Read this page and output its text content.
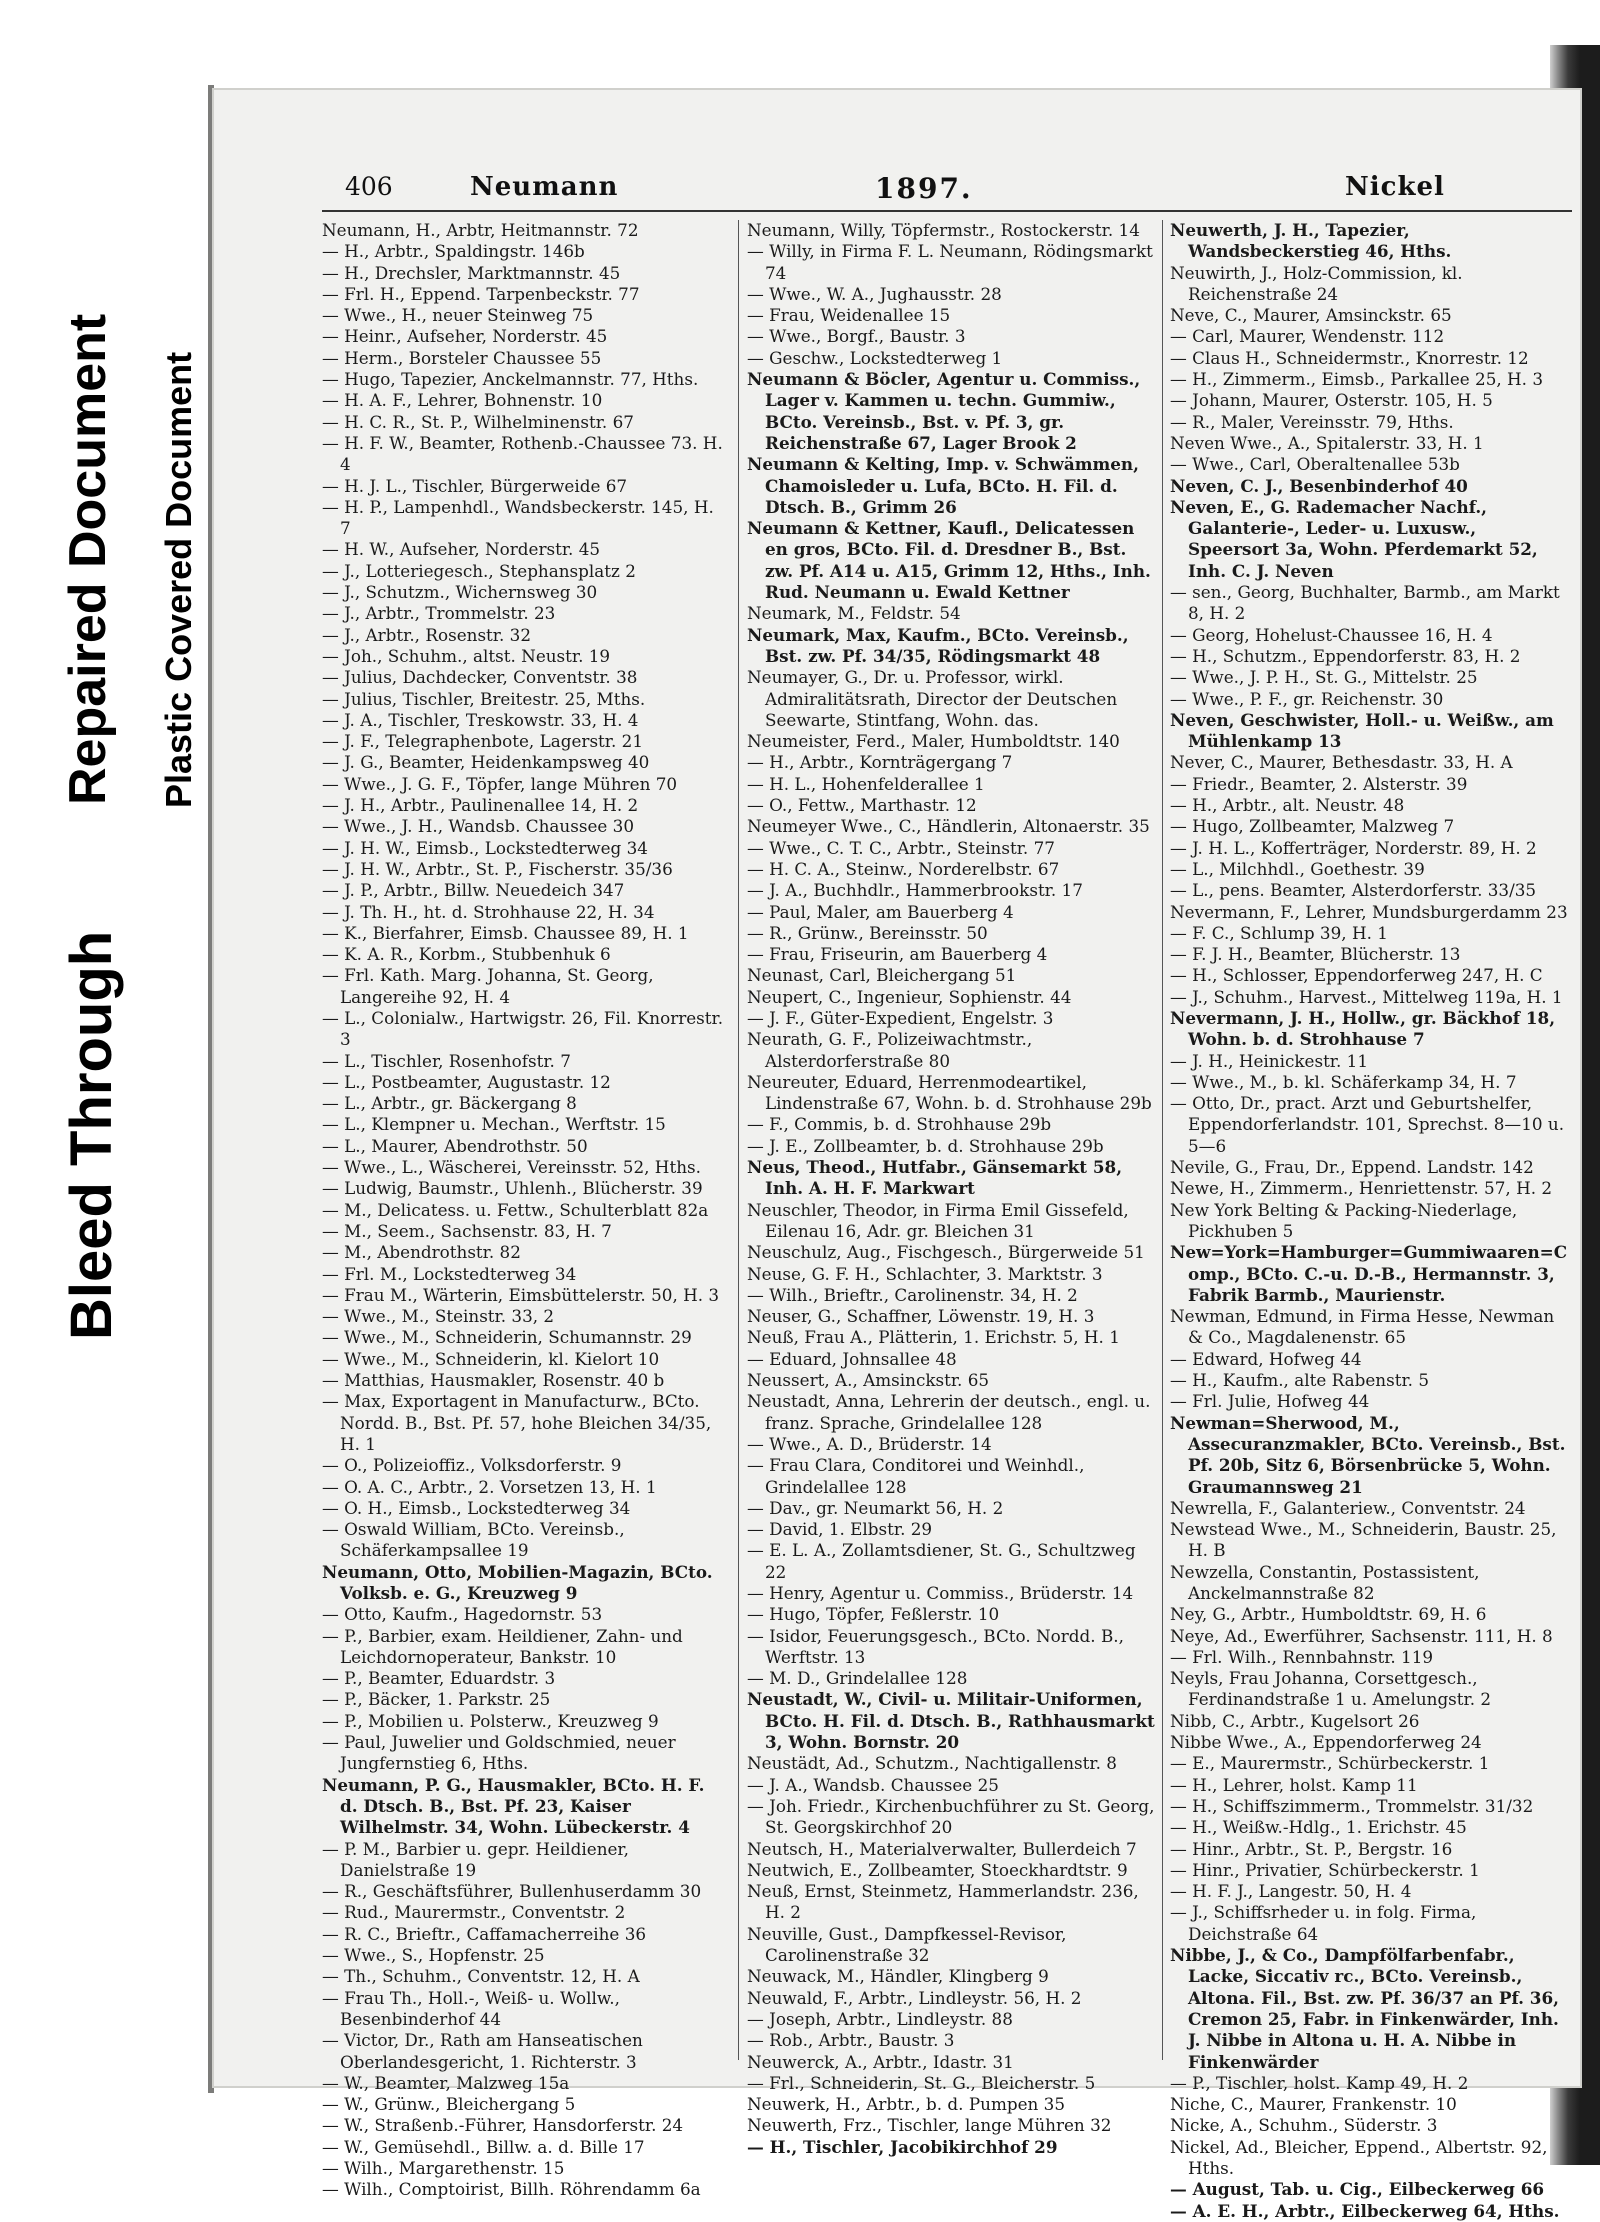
Bleed Through
Repaired Document Plastic Covered Document
406	Neumann	1897.	Nickel
Neumann, H., Arbtr, Heitmannstr. 72
— H., Arbtr., Spaldingstr. 146b
— H., Drechsler, Marktmannstr. 45
— Frl. H., Eppend. Tarpenbeckstr. 77
— Wwe., H., neuer Steinweg 75
— Heinr., Aufseher, Norderstr. 45
— Herm., Borsteler Chaussee 55
— Hugo, Tapezier, Anckelmannstr. 77, Hths.
— H. A. F., Lehrer, Bohnenstr. 10
— H. C. R., St. P., Wilhelminenstr. 67
— H. F. W., Beamter, Rothenb.-Chaussee 73. H. 4
— H. J. L., Tischler, Bürgerweide 67
— H. P., Lampenhdl., Wandsbeckerstr. 145, H. 7
— H. W., Aufseher, Norderstr. 45
— J., Lotteriegesch., Stephansplatz 2
— J., Schutzm., Wichernsweg 30
— J., Arbtr., Trommelstr. 23
— J., Arbtr., Rosenstr. 32
— Joh., Schuhm., altst. Neustr. 19
— Julius, Dachdecker, Conventstr. 38
— Julius, Tischler, Breitestr. 25, Mths.
— J. A., Tischler, Treskowstr. 33, H. 4
— J. F., Telegraphenbote, Lagerstr. 21
— J. G., Beamter, Heidenkampsweg 40
— Wwe., J. G. F., Töpfer, lange Mühren 70
— J. H., Arbtr., Paulinenallee 14, H. 2
— Wwe., J. H., Wandsb. Chaussee 30
— J. H. W., Eimsb., Lockstedterweg 34
— J. H. W., Arbtr., St. P., Fischerstr. 35/36
— J. P., Arbtr., Billw. Neuedeich 347
— J. Th. H., ht. d. Strohhause 22, H. 34
— K., Bierfahrer, Eimsb. Chaussee 89, H. 1
— K. A. R., Korbm., Stubbenhuk 6
— Frl. Kath. Marg. Johanna, St. Georg, Langereihe 92, H. 4
— L., Colonialw., Hartwigstr. 26, Fil. Knorrestr. 3
— L., Tischler, Rosenhofstr. 7
— L., Postbeamter, Augustastr. 12
— L., Arbtr., gr. Bäckergang 8
— L., Klempner u. Mechan., Werftstr. 15
— L., Maurer, Abendrothstr. 50
— Wwe., L., Wäscherei, Vereinsstr. 52, Hths.
— Ludwig, Baumstr., Uhlenh., Blücherstr. 39
— M., Delicatess. u. Fettw., Schulterblatt 82a
— M., Seem., Sachsenstr. 83, H. 7
— M., Abendrothstr. 82
— Frl. M., Lockstedterweg 34
— Frau M., Wärterin, Eimsbüttelerstr. 50, H. 3
— Wwe., M., Steinstr. 33, 2
— Wwe., M., Schneiderin, Schumannstr. 29
— Wwe., M., Schneiderin, kl. Kielort 10
— Matthias, Hausmakler, Rosenstr. 40 b
— Max, Exportagent in Manufacturw., BCto. Nordd. B., Bst. Pf. 57, hohe Bleichen 34/35, H. 1
— O., Polizeioffiz., Volksdorferstr. 9
— O. A. C., Arbtr., 2. Vorsetzen 13, H. 1
— O. H., Eimsb., Lockstedterweg 34
— Oswald William, BCto. Vereinsb., Schäferkampsallee 19
Neumann, Otto, Mobilien-Magazin, BCto. Volksb. e. G., Kreuzweg 9
— Otto, Kaufm., Hagedornstr. 53
— P., Barbier, exam. Heildiener, Zahn- und Leichdornoperateur, Bankstr. 10
— P., Beamter, Eduardstr. 3
— P., Bäcker, 1. Parkstr. 25
— P., Mobilien u. Polsterw., Kreuzweg 9
— Paul, Juwelier und Goldschmied, neuer Jungfernstieg 6, Hths.
Neumann, P. G., Hausmakler, BCto. H. F. d. Dtsch. B., Bst. Pf. 23, Kaiser Wilhelmstr. 34, Wohn. Lübeckerstr. 4
— P. M., Barbier u. gepr. Heildiener, Danielstraße 19
— R., Geschäftsführer, Bullenhuserdamm 30
— Rud., Maurermstr., Conventstr. 2
— R. C., Brieftr., Caffamacherreihe 36
— Wwe., S., Hopfenstr. 25
— Th., Schuhm., Conventstr. 12, H. A
— Frau Th., Holl.-, Weiß- u. Wollw., Besenbinderhof 44
— Victor, Dr., Rath am Hanseatischen Oberlandesgericht, 1. Richterstr. 3
— W., Beamter, Malzweg 15a
— W., Grünw., Bleichergang 5
— W., Straßenb.-Führer, Hansdorferstr. 24
— W., Gemüsehdl., Billw. a. d. Bille 17
— Wilh., Margarethenstr. 15
— Wilh., Comptoirist, Billh. Röhrendamm 6a
Neumann, Willy, Töpfermstr., Rostockerstr. 14
— Willy, in Firma F. L. Neumann, Rödingsmarkt 74
— Wwe., W. A., Jughausstr. 28
— Frau, Weidenallee 15
— Wwe., Borgf., Baustr. 3
— Geschw., Lockstedterweg 1
Neumann & Böcler, Agentur u. Commiss., Lager v. Kammen u. techn. Gummiw., BCto. Vereinsb., Bst. v. Pf. 3, gr. Reichenstraße 67, Lager Brook 2
Neumann & Kelting, Imp. v. Schwämmen, Chamoisleder u. Lufa, BCto. H. Fil. d. Dtsch. B., Grimm 26
Neumann & Kettner, Kaufl., Delicatessen en gros, BCto. Fil. d. Dresdner B., Bst. zw. Pf. A14 u. A15, Grimm 12, Hths., Inh. Rud. Neumann u. Ewald Kettner
Neumark, M., Feldstr. 54
Neumark, Max, Kaufm., BCto. Vereinsb., Bst. zw. Pf. 34/35, Rödingsmarkt 48
Neumayer, G., Dr. u. Professor, wirkl. Admiralitätsrath, Director der Deutschen Seewarte, Stintfang, Wohn. das.
Neumeister, Ferd., Maler, Humboldtstr. 140
— H., Arbtr., Kornträgergang 7
— H. L., Hohenfelderallee 1
— O., Fettw., Marthastr. 12
Neumeyer Wwe., C., Händlerin, Altonaerstr. 35
— Wwe., C. T. C., Arbtr., Steinstr. 77
— H. C. A., Steinw., Norderelbstr. 67
— J. A., Buchhdlr., Hammerbrookstr. 17
— Paul, Maler, am Bauerberg 4
— R., Grünw., Bereinsstr. 50
— Frau, Friseurin, am Bauerberg 4
Neunast, Carl, Bleichergang 51
Neupert, C., Ingenieur, Sophienstr. 44
— J. F., Güter-Expedient, Engelstr. 3
Neurath, G. F., Polizeiwachtmstr., Alsterdorferstraße 80
Neureuter, Eduard, Herrenmodeartikel, Lindenstraße 67, Wohn. b. d. Strohhause 29b
— F., Commis, b. d. Strohhause 29b
— J. E., Zollbeamter, b. d. Strohhause 29b
Neus, Theod., Hutfabr., Gänsemarkt 58, Inh. A. H. F. Markwart
Neuschler, Theodor, in Firma Emil Gissefeld, Eilenau 16, Adr. gr. Bleichen 31
Neuschulz, Aug., Fischgesch., Bürgerweide 51
Neuse, G. F. H., Schlachter, 3. Marktstr. 3
— Wilh., Brieftr., Carolinenstr. 34, H. 2
Neuser, G., Schaffner, Löwenstr. 19, H. 3
Neuß, Frau A., Plätterin, 1. Erichstr. 5, H. 1
— Eduard, Johnsallee 48
Neussert, A., Amsinckstr. 65
Neustadt, Anna, Lehrerin der deutsch., engl. u. franz. Sprache, Grindelallee 128
— Wwe., A. D., Brüderstr. 14
— Frau Clara, Conditorei und Weinhdl., Grindelallee 128
— Dav., gr. Neumarkt 56, H. 2
— David, 1. Elbstr. 29
— E. L. A., Zollamtsdiener, St. G., Schultzweg 22
— Henry, Agentur u. Commiss., Brüderstr. 14
— Hugo, Töpfer, Feßlerstr. 10
— Isidor, Feuerungsgesch., BCto. Nordd. B., Werftstr. 13
— M. D., Grindelallee 128
Neustadt, W., Civil- u. Militair-Uniformen, BCto. H. Fil. d. Dtsch. B., Rathhausmarkt 3, Wohn. Bornstr. 20
Neustädt, Ad., Schutzm., Nachtigallenstr. 8
— J. A., Wandsb. Chaussee 25
— Joh. Friedr., Kirchenbuchführer zu St. Georg, St. Georgskirchhof 20
Neutsch, H., Materialverwalter, Bullerdeich 7
Neutwich, E., Zollbeamter, Stoeckhardtstr. 9
Neuß, Ernst, Steinmetz, Hammerlandstr. 236, H. 2
Neuville, Gust., Dampfkessel-Revisor, Carolinenstraße 32
Neuwack, M., Händler, Klingberg 9
Neuwald, F., Arbtr., Lindleystr. 56, H. 2
— Joseph, Arbtr., Lindleystr. 88
— Rob., Arbtr., Baustr. 3
Neuwerck, A., Arbtr., Idastr. 31
— Frl., Schneiderin, St. G., Bleicherstr. 5
Neuwerk, H., Arbtr., b. d. Pumpen 35
Neuwerth, Frz., Tischler, lange Mühren 32
— H., Tischler, Jacobikirchhof 29
Neuwerth, J. H., Tapezier, Wandsbeckerstieg 46, Hths.
Neuwirth, J., Holz-Commission, kl. Reichenstraße 24
Neve, C., Maurer, Amsinckstr. 65
— Carl, Maurer, Wendenstr. 112
— Claus H., Schneidermstr., Knorrestr. 12
— H., Zimmerm., Eimsb., Parkallee 25, H. 3
— Johann, Maurer, Osterstr. 105, H. 5
— R., Maler, Vereinsstr. 79, Hths.
Neven Wwe., A., Spitalerstr. 33, H. 1
— Wwe., Carl, Oberaltenallee 53b
Neven, C. J., Besenbinderhof 40
Neven, E., G. Rademacher Nachf., Galanterie-, Leder- u. Luxusw., Speersort 3a, Wohn. Pferdemarkt 52, Inh. C. J. Neven
— sen., Georg, Buchhalter, Barmb., am Markt 8, H. 2
— Georg, Hohelust-Chaussee 16, H. 4
— H., Schutzm., Eppendorferstr. 83, H. 2
— Wwe., J. P. H., St. G., Mittelstr. 25
— Wwe., P. F., gr. Reichenstr. 30
Neven, Geschwister, Holl.- u. Weißw., am Mühlenkamp 13
Never, C., Maurer, Bethesdastr. 33, H. A
— Friedr., Beamter, 2. Alsterstr. 39
— H., Arbtr., alt. Neustr. 48
— Hugo, Zollbeamter, Malzweg 7
— J. H. L., Kofferträger, Norderstr. 89, H. 2
— L., Milchhdl., Goethestr. 39
— L., pens. Beamter, Alsterdorferstr. 33/35
Nevermann, F., Lehrer, Mundsburgerdamm 23
— F. C., Schlump 39, H. 1
— F. J. H., Beamter, Blücherstr. 13
— H., Schlosser, Eppendorferweg 247, H. C
— J., Schuhm., Harvest., Mittelweg 119a, H. 1
Nevermann, J. H., Hollw., gr. Bäckhof 18, Wohn. b. d. Strohhause 7
— J. H., Heinickestr. 11
— Wwe., M., b. kl. Schäferkamp 34, H. 7
— Otto, Dr., pract. Arzt und Geburtshelfer, Eppendorferlandstr. 101, Sprechst. 8—10 u. 5—6
Nevile, G., Frau, Dr., Eppend. Landstr. 142
Newe, H., Zimmerm., Henriettenstr. 57, H. 2
New York Belting & Packing-Niederlage, Pickhuben 5
New=York=Hamburger=Gummiwaaren=Comp., BCto. C.-u. D.-B., Hermannstr. 3, Fabrik Barmb., Maurienstr.
Newman, Edmund, in Firma Hesse, Newman & Co., Magdalenenstr. 65
— Edward, Hofweg 44
— H., Kaufm., alte Rabenstr. 5
— Frl. Julie, Hofweg 44
Newman=Sherwood, M., Assecuranzmakler, BCto. Vereinsb., Bst. Pf. 20b, Sitz 6, Börsenbrücke 5, Wohn. Graumannsweg 21
Newrella, F., Galanteriew., Conventstr. 24
Newstead Wwe., M., Schneiderin, Baustr. 25, H. B
Newzella, Constantin, Postassistent, Anckelmannstraße 82
Ney, G., Arbtr., Humboldtstr. 69, H. 6
Neye, Ad., Ewerführer, Sachsenstr. 111, H. 8
— Frl. Wilh., Rennbahnstr. 119
Neyls, Frau Johanna, Corsettgesch., Ferdinandstraße 1 u. Amelungstr. 2
Nibb, C., Arbtr., Kugelsort 26
Nibbe Wwe., A., Eppendorferweg 24
— E., Maurermstr., Schürbeckerstr. 1
— H., Lehrer, holst. Kamp 11
— H., Schiffszimmerm., Trommelstr. 31/32
— H., Weißw.-Hdlg., 1. Erichstr. 45
— Hinr., Arbtr., St. P., Bergstr. 16
— Hinr., Privatier, Schürbeckerstr. 1
— H. F. J., Langestr. 50, H. 4
— J., Schiffsrheder u. in folg. Firma, Deichstraße 64
Nibbe, J., & Co., Dampfölfarbenfabr., Lacke, Siccativ rc., BCto. Vereinsb., Altona. Fil., Bst. zw. Pf. 36/37 an Pf. 36, Cremon 25, Fabr. in Finkenwärder, Inh. J. Nibbe in Altona u. H. A. Nibbe in Finkenwärder
— P., Tischler, holst. Kamp 49, H. 2
Niche, C., Maurer, Frankenstr. 10
Nicke, A., Schuhm., Süderstr. 3
Nickel, Ad., Bleicher, Eppend., Albertstr. 92, Hths.
— August, Tab. u. Cig., Eilbeckerweg 66
— A. E. H., Arbtr., Eilbeckerweg 64, Hths.
